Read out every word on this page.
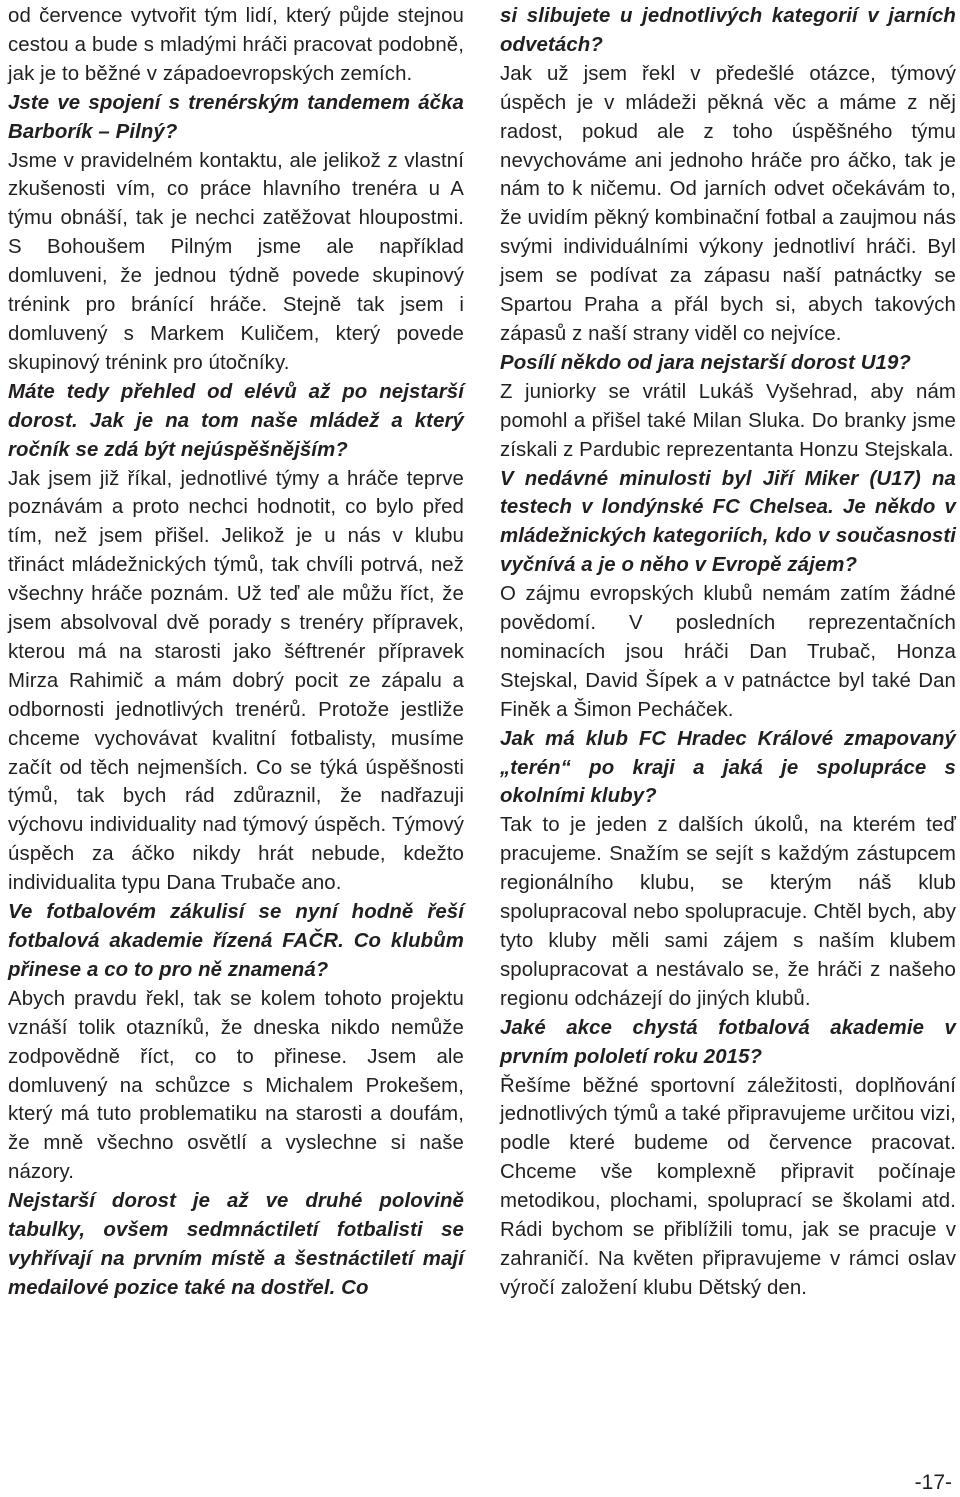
od července vytvořit tým lidí, který půjde stejnou cestou a bude s mladými hráči pracovat podobně, jak je to běžné v západoevropských zemích.

Jste ve spojení s trenérským tandemem áčka Barborík – Pilný?

Jsme v pravidelném kontaktu, ale jelikož z vlastní zkušenosti vím, co práce hlavního trenéra u A týmu obnáší, tak je nechci zatěžovat hloupostmi. S Bohoušem Pilným jsme ale například domluveni, že jednou týdně povede skupinový trénink pro bránící hráče. Stejně tak jsem i domluvený s Markem Kuličem, který povede skupinový trénink pro útočníky.

Máte tedy přehled od elévů až po nejstarší dorost. Jak je na tom naše mládež a který ročník se zdá být nejúspěšnějším?

Jak jsem již říkal, jednotlivé týmy a hráče teprve poznávám a proto nechci hodnotit, co bylo před tím, než jsem přišel. Jelikož je u nás v klubu třináct mládežnických týmů, tak chvíli potrvá, než všechny hráče poznám. Už teď ale můžu říct, že jsem absolvoval dvě porady s trenéry přípravek, kterou má na starosti jako šéftrenér přípravek Mirza Rahimič a mám dobrý pocit ze zápalu a odbornosti jednotlivých trenérů. Protože jestliže chceme vychovávat kvalitní fotbalisty, musíme začít od těch nejmenších. Co se týká úspěšnosti týmů, tak bych rád zdůraznil, že nadřazuji výchovu individuality nad týmový úspěch. Týmový úspěch za áčko nikdy hrát nebude, kdežto individualita typu Dana Trubače ano.

Ve fotbalovém zákulisí se nyní hodně řeší fotbalová akademie řízená FAČR. Co klubům přinese a co to pro ně znamená?

Abych pravdu řekl, tak se kolem tohoto projektu vznáší tolik otazníků, že dneska nikdo nemůže zodpovědně říct, co to přinese. Jsem ale domluvený na schůzce s Michalem Prokešem, který má tuto problematiku na starosti a doufám, že mně všechno osvětlí a vyslechne si naše názory.

Nejstarší dorost je až ve druhé polovině tabulky, ovšem sedmnáctiletí fotbalisti se vyhřívají na prvním místě a šestnáctiletí mají medailové pozice také na dostřel. Co

si slibujete u jednotlivých kategorií v jarních odvetách?

Jak už jsem řekl v předešlé otázce, týmový úspěch je v mládeži pěkná věc a máme z něj radost, pokud ale z toho úspěšného týmu nevychováme ani jednoho hráče pro áčko, tak je nám to k ničemu. Od jarních odvet očekávám to, že uvidím pěkný kombinační fotbal a zaujmou nás svými individuálními výkony jednotliví hráči. Byl jsem se podívat za zápasu naší patnáctky se Spartou Praha a přál bych si, abych takových zápasů z naší strany viděl co nejvíce.

Posílí někdo od jara nejstarší dorost U19?

Z juniorky se vrátil Lukáš Vyšehrad, aby nám pomohl a přišel také Milan Sluka. Do branky jsme získali z Pardubic reprezentanta Honzu Stejskala.

V nedávné minulosti byl Jiří Miker (U17) na testech v londýnské FC Chelsea. Je někdo v mládežnických kategoriích, kdo v současnosti vyčnívá a je o něho v Evropě zájem?

O zájmu evropských klubů nemám zatím žádné povědomí. V posledních reprezentačních nominacích jsou hráči Dan Trubač, Honza Stejskal, David Šípek a v patnáctce byl také Dan Finěk a Šimon Pecháček.

Jak má klub FC Hradec Králové zmapovaný „terén“ po kraji a jaká je spolupráce s okolními kluby?

Tak to je jeden z dalších úkolů, na kterém teď pracujeme. Snažím se sejít s každým zástupcem regionálního klubu, se kterým náš klub spolupracoval nebo spolupracuje. Chtěl bych, aby tyto kluby měli sami zájem s naším klubem spolupracovat a nestávalo se, že hráči z našeho regionu odcházejí do jiných klubů.

Jaké akce chystá fotbalová akademie v prvním pololetí roku 2015?

Řešíme běžné sportovní záležitosti, doplňování jednotlivých týmů a také připravujeme určitou vizi, podle které budeme od července pracovat. Chceme vše komplexně připravit počínaje metodikou, plochami, spoluprací se školami atd. Rádi bychom se přiblížili tomu, jak se pracuje v zahraničí. Na květen připravujeme v rámci oslav výročí založení klubu Dětský den.

-17-
